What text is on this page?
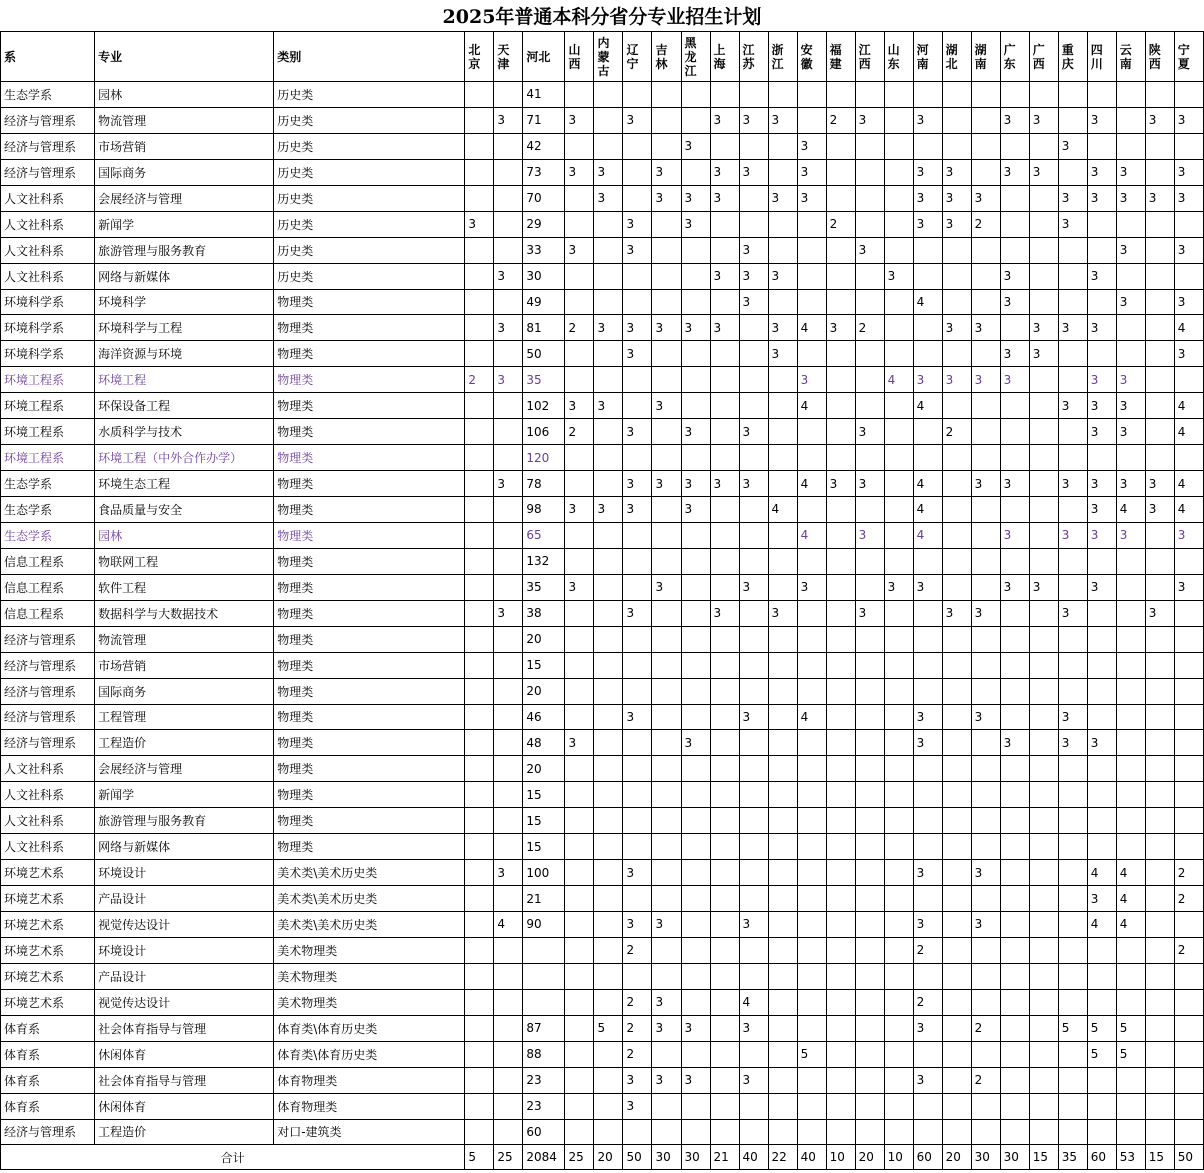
2025年普通本科分省分专业招生计划
系	专业	类别	北京	天津	河北	山西	内蒙古	辽宁	吉林	黑龙江	上海	江苏	浙江	安徽	福建	江西	山东	河南	湖北	湖南	广东	广西	重庆	四川	云南	陕西	宁夏
生态学系	园林	历史类			41																						
经济与管理系	物流管理	历史类		3	71	3		3			3	3	3		2	3		3			3	3		3		3	3
经济与管理系	市场营销	历史类			42					3				3									3				
经济与管理系	国际商务	历史类			73	3	3		3		3	3		3				3	3		3	3		3	3		3
人文社科系	会展经济与管理	历史类			70		3		3	3	3		3	3				3	3	3			3	3	3	3	3
人文社科系	新闻学	历史类	3		29			3		3					2			3	3	2			3				
人文社科系	旅游管理与服务教育	历史类			33	3		3				3				3									3		3
人文社科系	网络与新媒体	历史类		3	30						3	3	3				3				3			3			
环境科学系	环境科学	物理类			49							3						4			3				3		3
环境科学系	环境科学与工程	物理类		3	81	2	3	3	3	3	3		3	4	3	2			3	3		3	3	3			4
环境科学系	海洋资源与环境	物理类			50			3					3								3	3					3
环境工程系	环境工程	物理类	2	3	35									3			4	3	3	3	3			3	3		
环境工程系	环保设备工程	物理类			102	3	3		3					4				4					3	3	3		4
环境工程系	水质科学与技术	物理类			106	2		3		3		3				3			2					3	3		4
环境工程系	环境工程（中外合作办学）	物理类			120																						
生态学系	环境生态工程	物理类		3	78			3	3	3	3	3		4	3	3		4		3	3		3	3	3	3	4
生态学系	食品质量与安全	物理类			98	3	3	3		3			4					4						3	4	3	4
生态学系	园林	物理类			65									4		3		4			3		3	3	3		3
信息工程系	物联网工程	物理类			132																						
信息工程系	软件工程	物理类			35	3			3			3		3			3	3			3	3		3			3
信息工程系	数据科学与大数据技术	物理类		3	38			3			3		3			3			3	3			3			3	
经济与管理系	物流管理	物理类			20																						
经济与管理系	市场营销	物理类			15																						
经济与管理系	国际商务	物理类			20																						
经济与管理系	工程管理	物理类			46			3				3		4				3		3			3				
经济与管理系	工程造价	物理类			48	3				3								3			3		3	3			
人文社科系	会展经济与管理	物理类			20																						
人文社科系	新闻学	物理类			15																						
人文社科系	旅游管理与服务教育	物理类			15																						
人文社科系	网络与新媒体	物理类			15																						
环境艺术系	环境设计	美术类\美术历史类		3	100			3										3		3				4	4		2
环境艺术系	产品设计	美术类\美术历史类			21																			3	4		2
环境艺术系	视觉传达设计	美术类\美术历史类		4	90			3	3			3						3		3				4	4		
环境艺术系	环境设计	美术物理类						2										2									2
环境艺术系	产品设计	美术物理类																									
环境艺术系	视觉传达设计	美术物理类						2	3			4						2									
体育系	社会体育指导与管理	体育类\体育历史类			87		5	2	3	3		3						3		2			5	5	5		
体育系	休闲体育	体育类\体育历史类			88			2						5										5	5		
体育系	社会体育指导与管理	体育物理类			23			3	3	3		3						3		2							
体育系	休闲体育	体育物理类			23			3																			
经济与管理系	工程造价	对口-建筑类			60																						
合计			5	25	2084	25	20	50	30	30	21	40	22	40	10	20	10	60	20	30	30	15	35	60	53	15	50
